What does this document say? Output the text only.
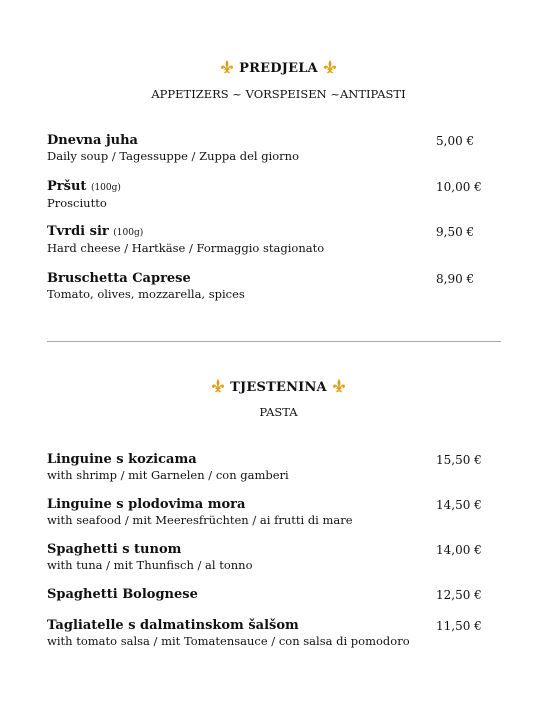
PREDJELA
APPETIZERS ~ VORSPEISEN ~ANTIPASTI
Dnevna juha
Daily soup / Tagessuppe / Zuppa del giorno
5,00 €
Pršut (100g)
Prosciutto
10,00 €
Tvrdi sir (100g)
Hard cheese / Hartkäse / Formaggio stagionato
9,50 €
Bruschetta Caprese
Tomato, olives, mozzarella, spices
8,90 €
TJESTENINA
PASTA
Linguine s kozicama
with shrimp / mit Garnelen / con gamberi
15,50 €
Linguine s plodovima mora
with seafood / mit Meeresfrüchten / ai frutti di mare
14,50 €
Spaghetti s tunom
with tuna / mit Thunfisch / al tonno
14,00 €
Spaghetti Bolognese	12,50 €
Tagliatelle s dalmatinskom šalšom
with tomato salsa / mit Tomatensauce / con salsa di pomodoro
11,50 €
